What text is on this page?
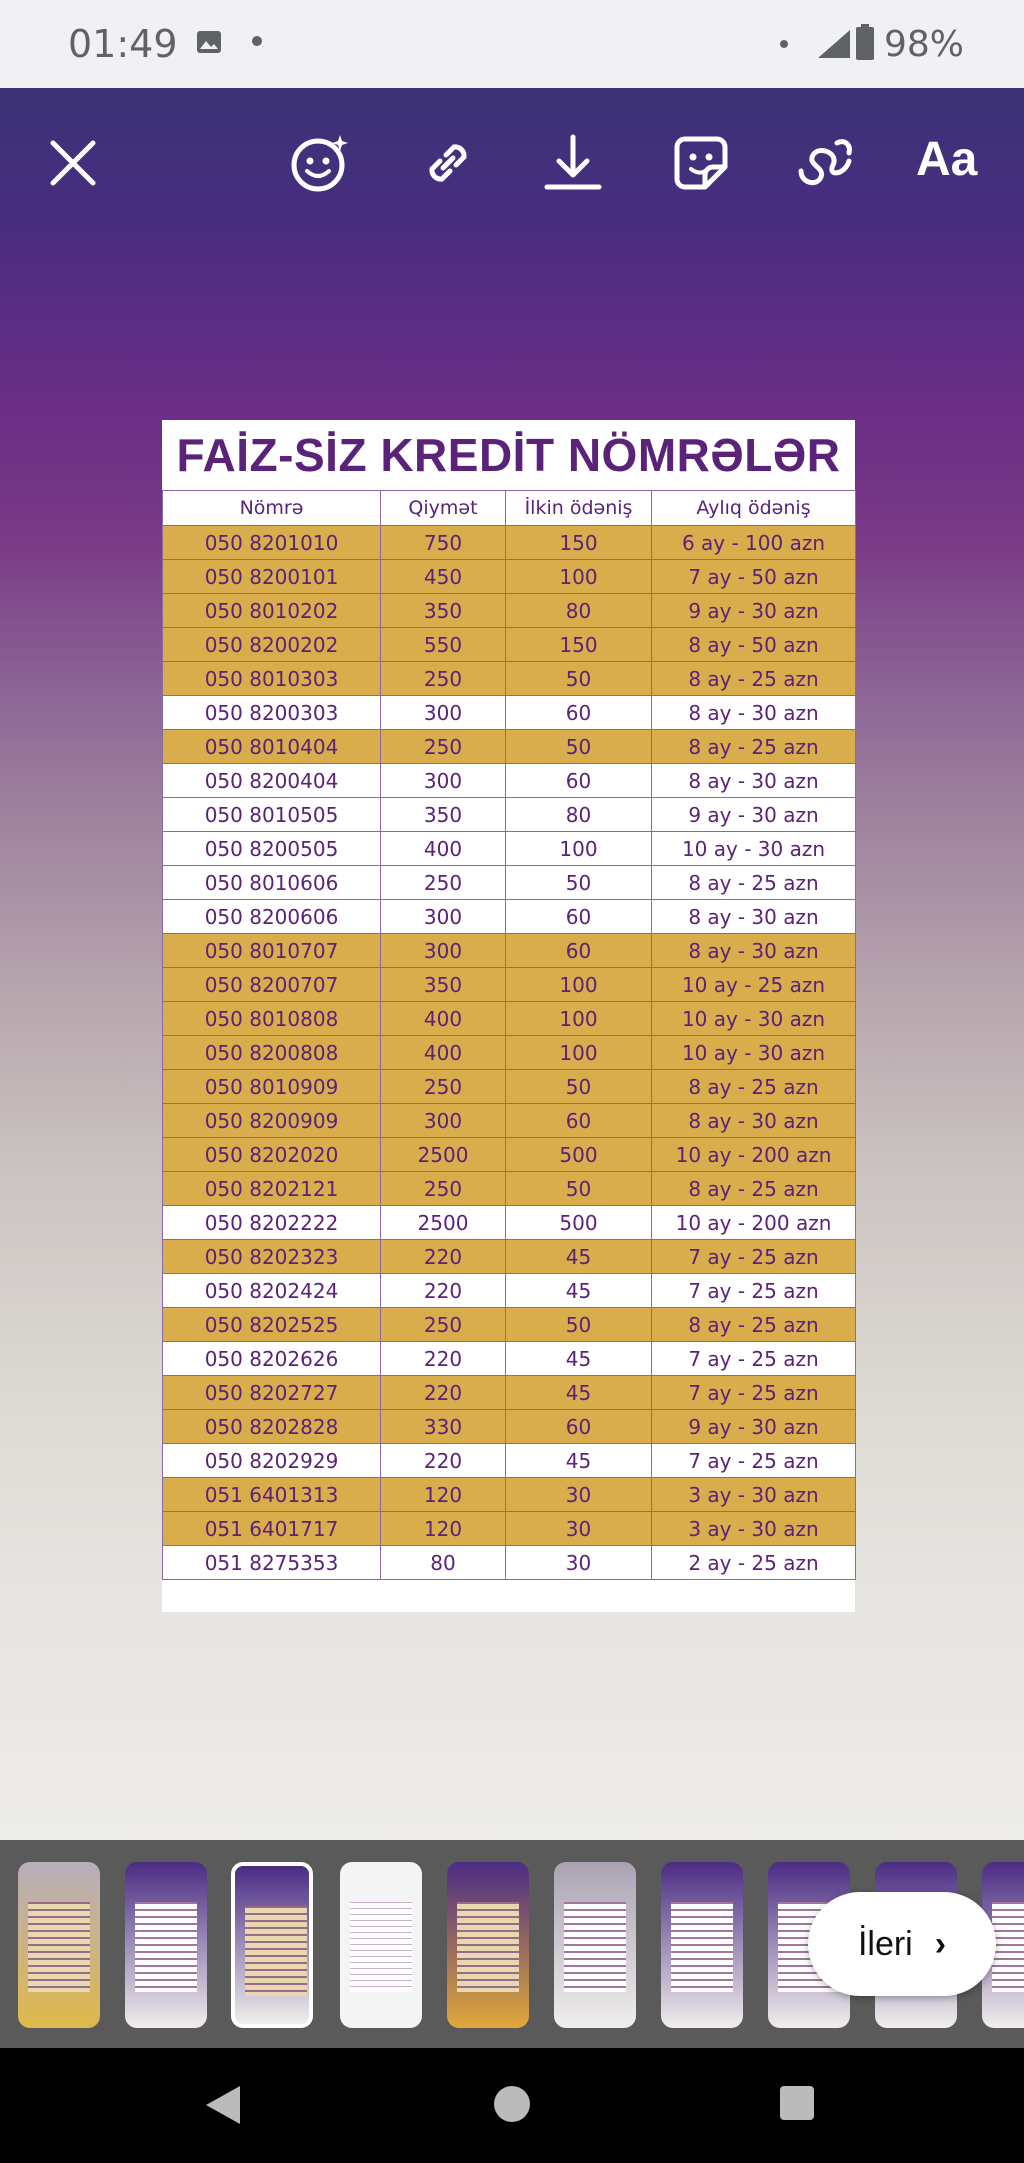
01:49	98%
Aa
FAİZ-SİZ KREDİT NÖMRƏLƏR
Nömrə	Qiymət	İlkin ödəniş	Aylıq ödəniş
050 8201010	750	150	6 ay - 100 azn
050 8200101	450	100	7 ay - 50 azn
050 8010202	350	80	9 ay - 30 azn
050 8200202	550	150	8 ay - 50 azn
050 8010303	250	50	8 ay - 25 azn
050 8200303	300	60	8 ay - 30 azn
050 8010404	250	50	8 ay - 25 azn
050 8200404	300	60	8 ay - 30 azn
050 8010505	350	80	9 ay - 30 azn
050 8200505	400	100	10 ay - 30 azn
050 8010606	250	50	8 ay - 25 azn
050 8200606	300	60	8 ay - 30 azn
050 8010707	300	60	8 ay - 30 azn
050 8200707	350	100	10 ay - 25 azn
050 8010808	400	100	10 ay - 30 azn
050 8200808	400	100	10 ay - 30 azn
050 8010909	250	50	8 ay - 25 azn
050 8200909	300	60	8 ay - 30 azn
050 8202020	2500	500	10 ay - 200 azn
050 8202121	250	50	8 ay - 25 azn
050 8202222	2500	500	10 ay - 200 azn
050 8202323	220	45	7 ay - 25 azn
050 8202424	220	45	7 ay - 25 azn
050 8202525	250	50	8 ay - 25 azn
050 8202626	220	45	7 ay - 25 azn
050 8202727	220	45	7 ay - 25 azn
050 8202828	330	60	9 ay - 30 azn
050 8202929	220	45	7 ay - 25 azn
051 6401313	120	30	3 ay - 30 azn
051 6401717	120	30	3 ay - 30 azn
051 8275353	80	30	2 ay - 25 azn
İleri ›
